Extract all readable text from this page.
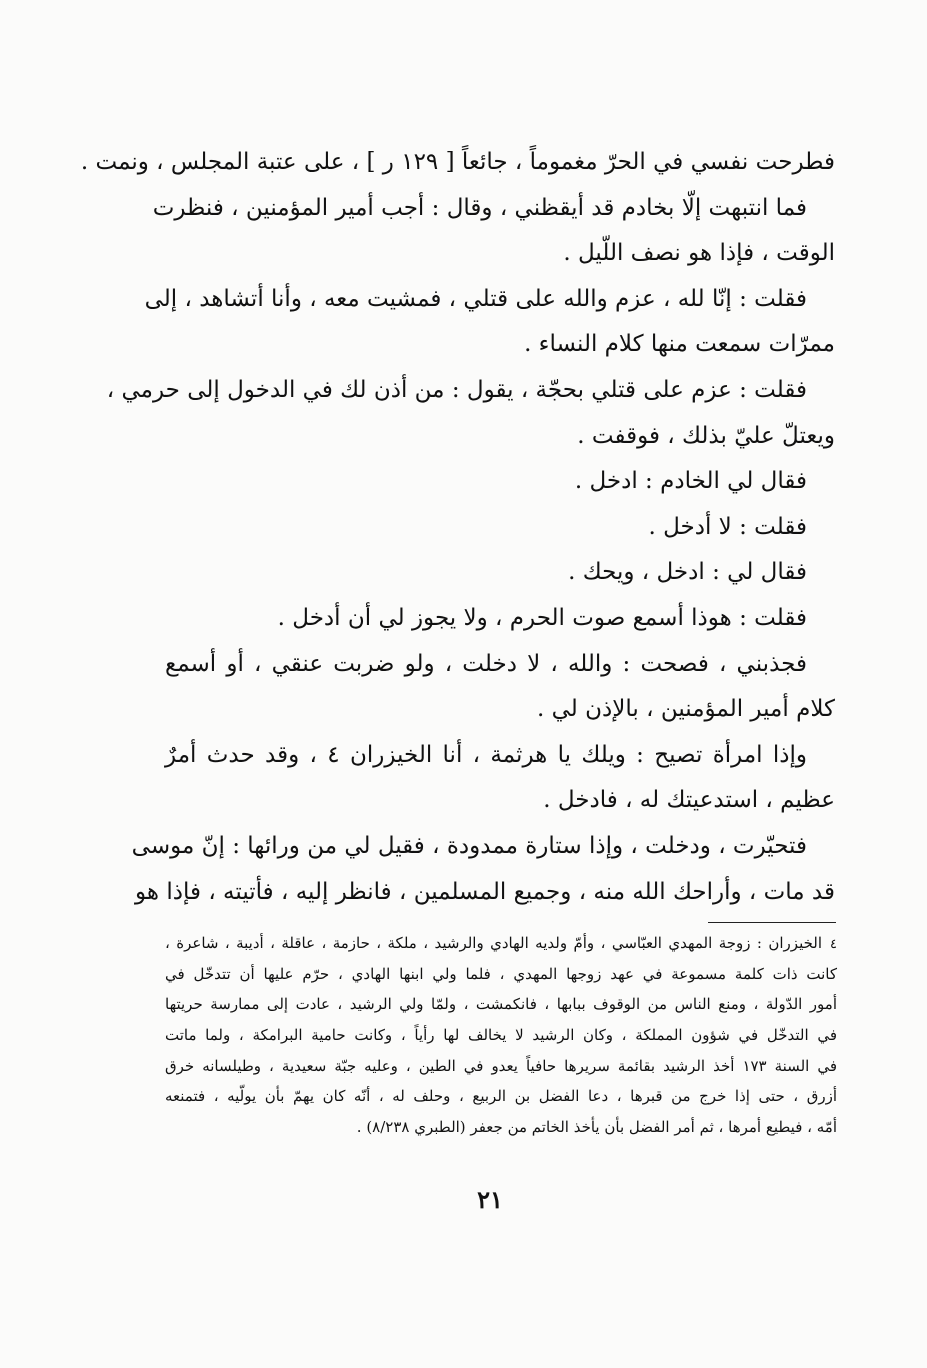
فطرحت نفسي في الحرّ مغموماً ، جائعاً [ ١٢٩ ر ] ، على عتبة المجلس ، ونمت .
فما انتبهت إلّا بخادم قد أيقظني ، وقال : أجب أمير المؤمنين ، فنظرت
الوقت ، فإذا هو نصف اللّيل .
فقلت : إنّا لله ، عزم والله على قتلي ، فمشيت معه ، وأنا أتشاهد ، إلى
ممرّات سمعت منها كلام النساء .
فقلت : عزم على قتلي بحجّة ، يقول : من أذن لك في الدخول إلى حرمي ،
ويعتلّ عليّ بذلك ، فوقفت .
فقال لي الخادم : ادخل .
فقلت : لا أدخل .
فقال لي : ادخل ، ويحك .
فقلت : هوذا أسمع صوت الحرم ، ولا يجوز لي أن أدخل .
فجذبني ، فصحت : والله ، لا دخلت ، ولو ضربت عنقي ، أو أسمع
كلام أمير المؤمنين ، بالإذن لي .
وإذا امرأة تصيح : ويلك يا هرثمة ، أنا الخيزران ٤ ، وقد حدث أمرٌ
عظيم ، استدعيتك له ، فادخل .
فتحيّرت ، ودخلت ، وإذا ستارة ممدودة ، فقيل لي من ورائها : إنّ موسى
قد مات ، وأراحك الله منه ، وجميع المسلمين ، فانظر إليه ، فأتيته ، فإذا هو
٤الخيزران : زوجة المهدي العبّاسي ، وأمّ ولديه الهادي والرشيد ، ملكة ، حازمة ، عاقلة ، أديبة ، شاعرة ،
كانت ذات كلمة مسموعة في عهد زوجها المهدي ، فلما ولي ابنها الهادي ، حرّم عليها أن تتدخّل في
أمور الدّولة ، ومنع الناس من الوقوف ببابها ، فانكمشت ، ولمّا ولي الرشيد ، عادت إلى ممارسة حريتها
في التدخّل في شؤون المملكة ، وكان الرشيد لا يخالف لها رأياً ، وكانت حامية البرامكة ، ولما ماتت
في السنة ١٧٣ أخذ الرشيد بقائمة سريرها حافياً يعدو في الطين ، وعليه جبّة سعيدية ، وطيلسانه خرق
أزرق ، حتى إذا خرج من قبرها ، دعا الفضل بن الربيع ، وحلف له ، أنّه كان يهمّ بأن يولّيه ، فتمنعه
أمّه ، فيطيع أمرها ، ثم أمر الفضل بأن يأخذ الخاتم من جعفر (الطبري ٨/٢٣٨) .
٢١
